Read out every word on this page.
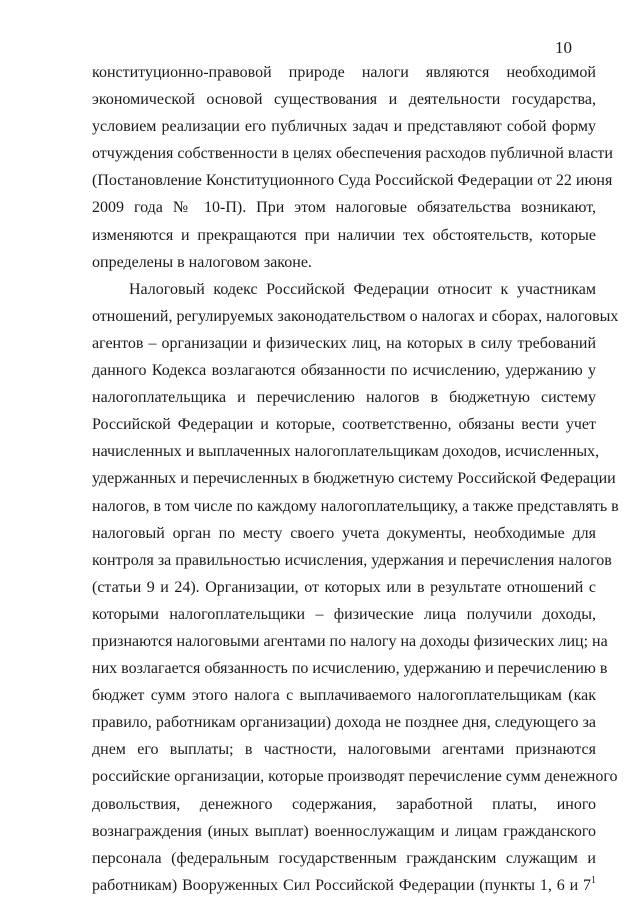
10
конституционно-правовой природе налоги являются необходимой
экономической основой существования и деятельности государства,
условием реализации его публичных задач и представляют собой форму
отчуждения собственности в целях обеспечения расходов публичной власти
(Постановление Конституционного Суда Российской Федерации от 22 июня
2009 года № 10-П). При этом налоговые обязательства возникают,
изменяются и прекращаются при наличии тех обстоятельств, которые
определены в налоговом законе.
Налоговый кодекс Российской Федерации относит к участникам
отношений, регулируемых законодательством о налогах и сборах, налоговых
агентов – организации и физических лиц, на которых в силу требований
данного Кодекса возлагаются обязанности по исчислению, удержанию у
налогоплательщика и перечислению налогов в бюджетную систему
Российской Федерации и которые, соответственно, обязаны вести учет
начисленных и выплаченных налогоплательщикам доходов, исчисленных,
удержанных и перечисленных в бюджетную систему Российской Федерации
налогов, в том числе по каждому налогоплательщику, а также представлять в
налоговый орган по месту своего учета документы, необходимые для
контроля за правильностью исчисления, удержания и перечисления налогов
(статьи 9 и 24). Организации, от которых или в результате отношений с
которыми налогоплательщики – физические лица получили доходы,
признаются налоговыми агентами по налогу на доходы физических лиц; на
них возлагается обязанность по исчислению, удержанию и перечислению в
бюджет сумм этого налога с выплачиваемого налогоплательщикам (как
правило, работникам организации) дохода не позднее дня, следующего за
днем его выплаты; в частности, налоговыми агентами признаются
российские организации, которые производят перечисление сумм денежного
довольствия, денежного содержания, заработной платы, иного
вознаграждения (иных выплат) военнослужащим и лицам гражданского
персонала (федеральным государственным гражданским служащим и
работникам) Вооруженных Сил Российской Федерации (пункты 1, 6 и $7^1$
